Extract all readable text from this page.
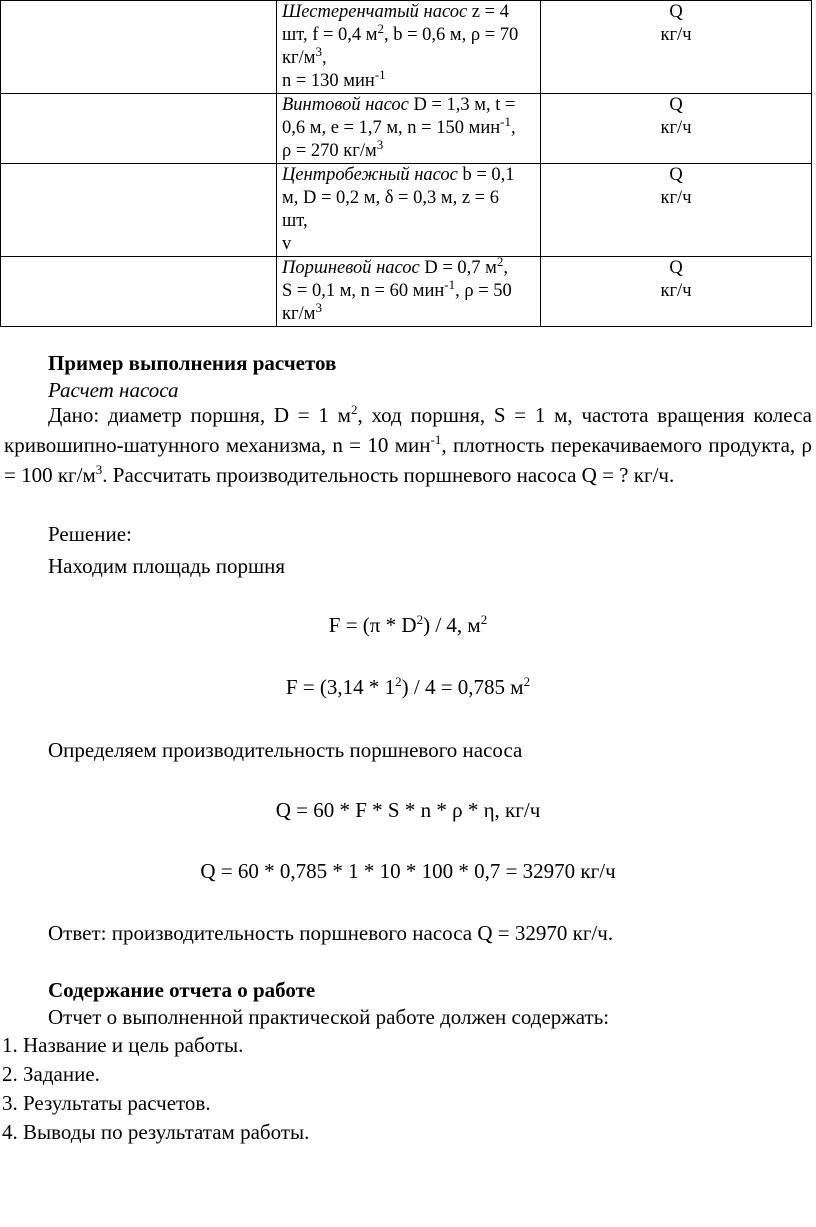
	Шестеренчатый насос z = 4
шт, f = 0,4 $м^2$, b = 0,6 м, ρ = 70
$кг/м^3$,
n = 130 мин$^{-1}$	Q
кг/ч

	Винтовой насос D = 1,3 м, t =
0,6 м, e = 1,7 м, n = 150 мин$^{-1}$,
ρ = 270 $кг/м^3$	Q
кг/ч

	Центробежный насос b = 0,1
м, D = 0,2 м, δ = 0,3 м, z = 6
шт,
v	Q
кг/ч

	Поршневой насос D = 0,7 $м^2$,
S = 0,1 м, n = 60 мин$^{-1}$, ρ = 50
$кг/м^3$	Q
кг/ч
Пример выполнения расчетов
Расчет насоса
Дано: диаметр поршня, D = 1 $м^2$, ход поршня, S = 1 м, частота вращения колеса кривошипно-шатунного механизма, n = 10 мин$^{-1}$, плотность перекачиваемого продукта, ρ = 100 $кг/м^3$. Рассчитать производительность поршневого насоса Q = ? кг/ч.
Решение:
Находим площадь поршня
$F = (\pi * D^2) / 4$, $м^2$
$F = (3,14 * 1^2) / 4 = 0,785$ $м^2$
Определяем производительность поршневого насоса
Q = 60 * F * S * n * ρ * η, кг/ч
Q = 60 * 0,785 * 1 * 10 * 100 * 0,7 = 32970 кг/ч
Ответ: производительность поршневого насоса Q = 32970 кг/ч.
Содержание отчета о работе
Отчет о выполненной практической работе должен содержать:
1. Название и цель работы.
2. Задание.
3. Результаты расчетов.
4. Выводы по результатам работы.
